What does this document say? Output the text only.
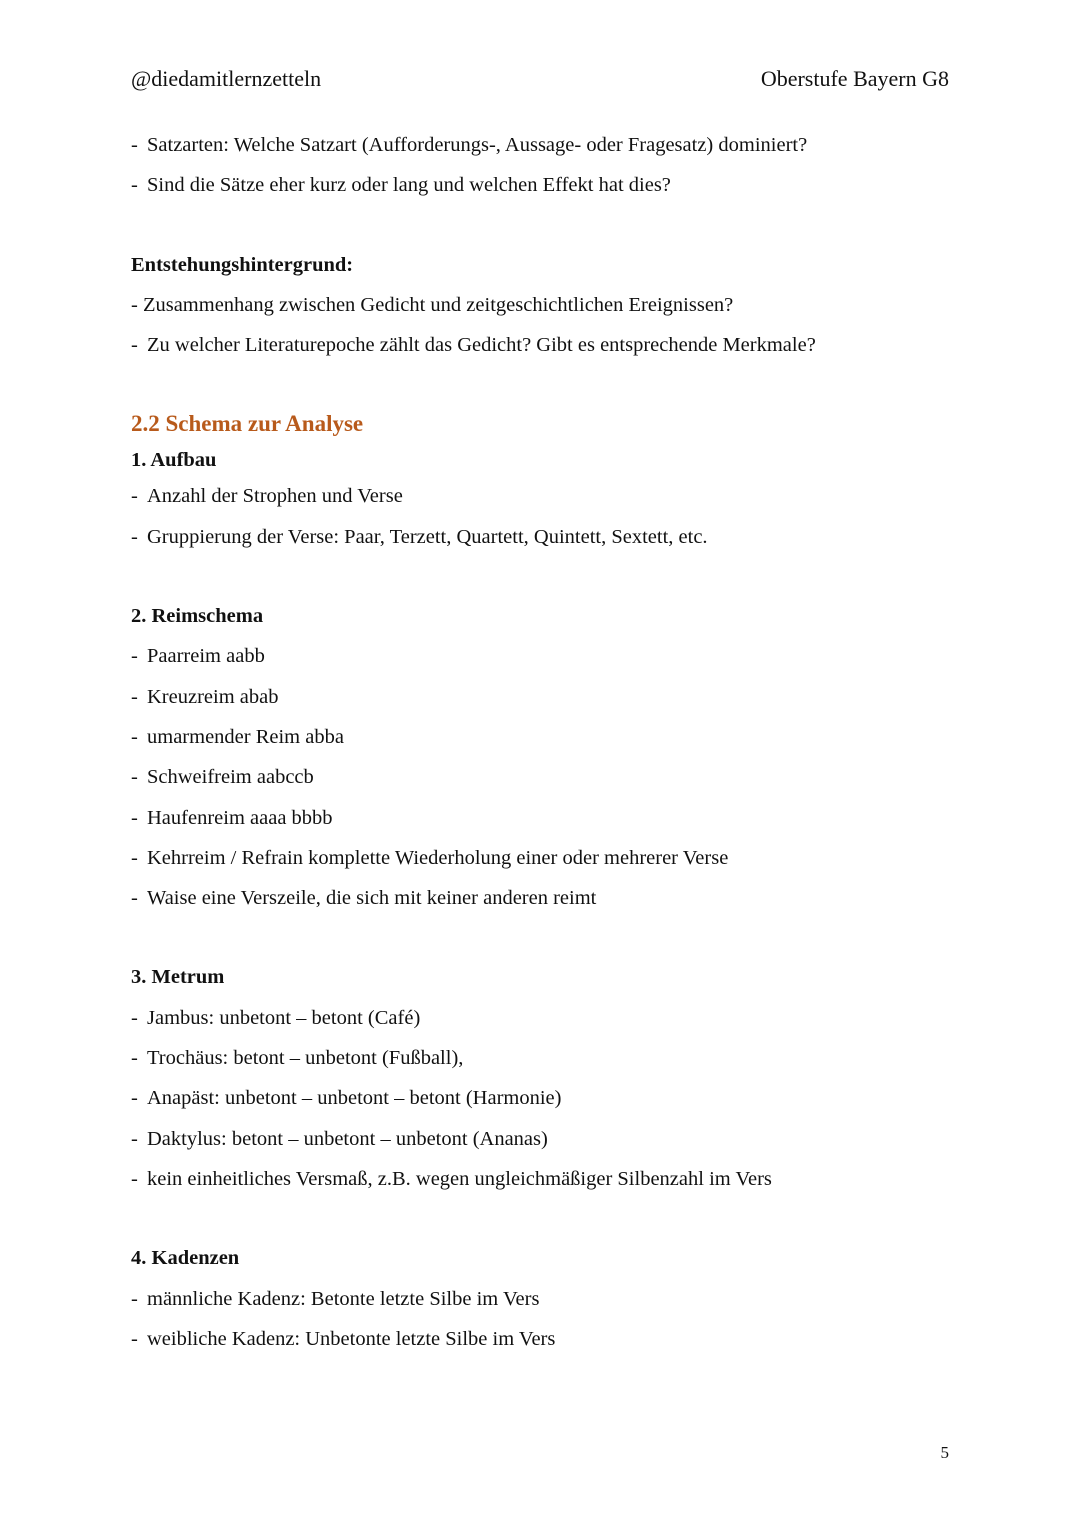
@diedamitlernzetteln	Oberstufe Bayern G8
- Satzarten: Welche Satzart (Aufforderungs-, Aussage- oder Fragesatz) dominiert?
- Sind die Sätze eher kurz oder lang und welchen Effekt hat dies?
Entstehungshintergrund:
- Zusammenhang zwischen Gedicht und zeitgeschichtlichen Ereignissen?
- Zu welcher Literaturepoche zählt das Gedicht? Gibt es entsprechende Merkmale?
2.2 Schema zur Analyse
1. Aufbau
- Anzahl der Strophen und Verse
- Gruppierung der Verse: Paar, Terzett, Quartett, Quintett, Sextett, etc.
2. Reimschema
- Paarreim aabb
- Kreuzreim abab
- umarmender Reim abba
- Schweifreim aabccb
- Haufenreim aaaa bbbb
- Kehrreim / Refrain komplette Wiederholung einer oder mehrerer Verse
- Waise eine Verszeile, die sich mit keiner anderen reimt
3. Metrum
- Jambus: unbetont – betont (Café)
- Trochäus: betont – unbetont (Fußball),
- Anapäst: unbetont – unbetont – betont (Harmonie)
- Daktylus: betont – unbetont – unbetont (Ananas)
- kein einheitliches Versmaß, z.B. wegen ungleichmäßiger Silbenzahl im Vers
4. Kadenzen
- männliche Kadenz: Betonte letzte Silbe im Vers
- weibliche Kadenz: Unbetonte letzte Silbe im Vers
5
